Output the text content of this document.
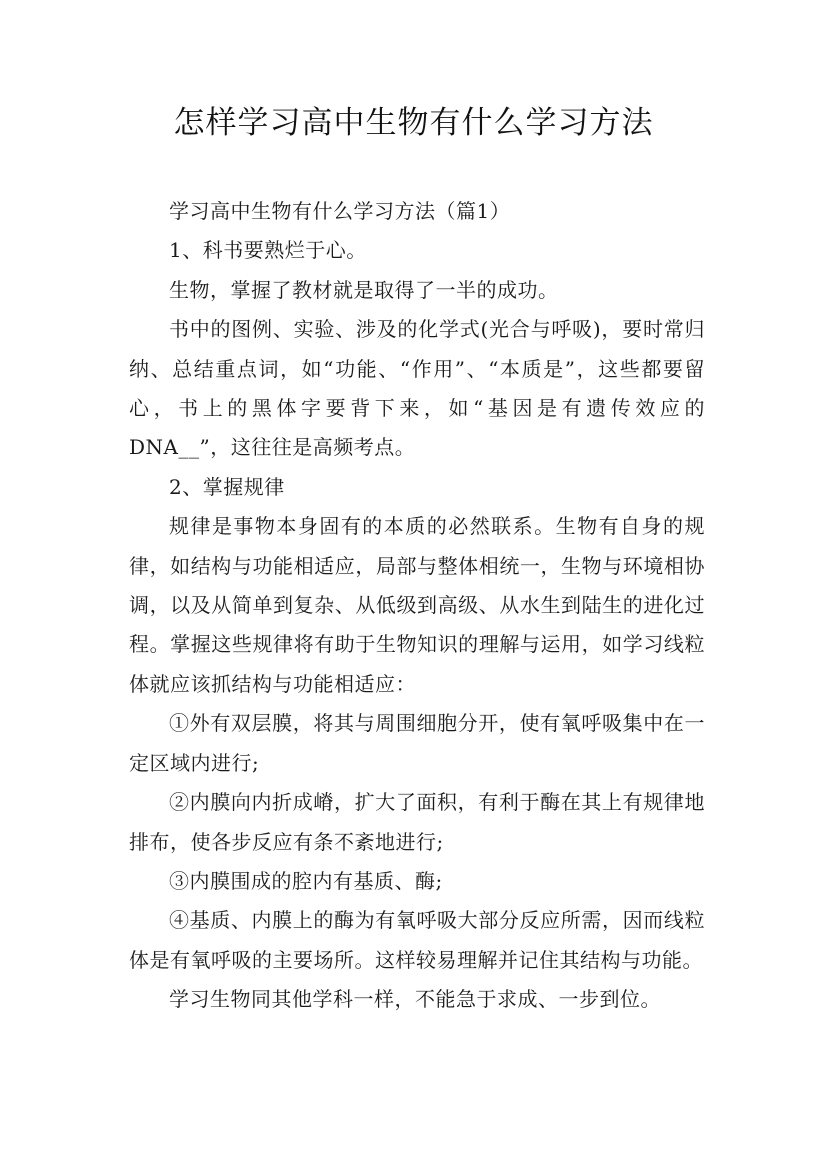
怎样学习高中生物有什么学习方法

学习高中生物有什么学习方法（篇1）

1、科书要熟烂于心。

生物，掌握了教材就是取得了一半的成功。

书中的图例、实验、涉及的化学式(光合与呼吸)，要时常归纳、总结重点词，如“功能、“作用”、“本质是”，这些都要留心，书上的黑体字要背下来，如“基因是有遗传效应的DNA__”，这往往是高频考点。

2、掌握规律

规律是事物本身固有的本质的必然联系。生物有自身的规律，如结构与功能相适应，局部与整体相统一，生物与环境相协调，以及从简单到复杂、从低级到高级、从水生到陆生的进化过程。掌握这些规律将有助于生物知识的理解与运用，如学习线粒体就应该抓结构与功能相适应：

①外有双层膜，将其与周围细胞分开，使有氧呼吸集中在一定区域内进行;

②内膜向内折成嵴，扩大了面积，有利于酶在其上有规律地排布，使各步反应有条不紊地进行;

③内膜围成的腔内有基质、酶;

④基质、内膜上的酶为有氧呼吸大部分反应所需，因而线粒体是有氧呼吸的主要场所。这样较易理解并记住其结构与功能。

学习生物同其他学科一样，不能急于求成、一步到位。
